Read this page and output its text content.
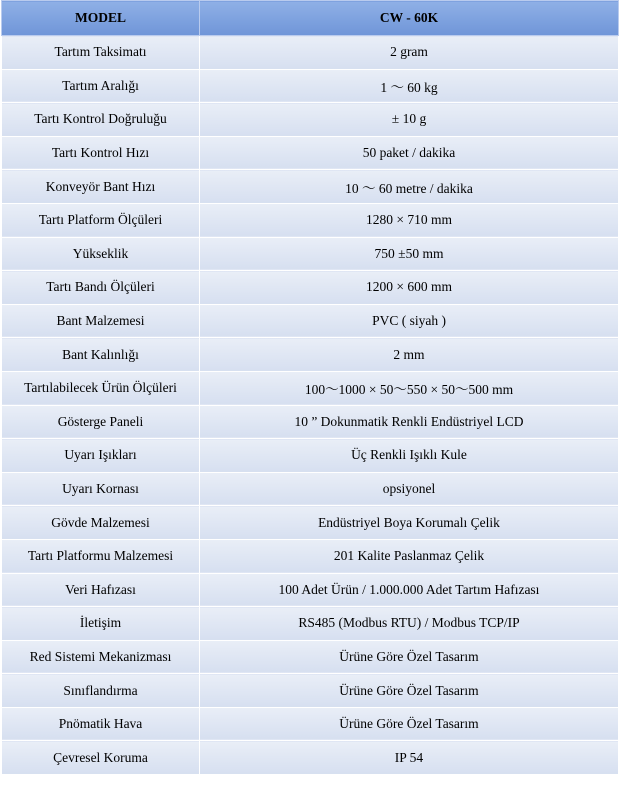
MODEL	CW - 60K
Tartım Taksimatı	2 gram
Tartım Aralığı	1 ～ 60 kg
Tartı Kontrol Doğruluğu	± 10 g
Tartı Kontrol Hızı	50 paket / dakika
Konveyör Bant Hızı	10 ～ 60 metre / dakika
Tartı Platform Ölçüleri	1280 × 710 mm
Yükseklik	750 ±50 mm
Tartı Bandı Ölçüleri	1200 × 600 mm
Bant Malzemesi	PVC ( siyah )
Bant Kalınlığı	2 mm
Tartılabilecek Ürün Ölçüleri	100～1000 × 50～550 × 50～500 mm
Gösterge Paneli	10 ” Dokunmatik Renkli Endüstriyel LCD
Uyarı Işıkları	Üç Renkli Işıklı Kule
Uyarı Kornası	opsiyonel
Gövde Malzemesi	Endüstriyel Boya Korumalı Çelik
Tartı Platformu Malzemesi	201 Kalite Paslanmaz Çelik
Veri Hafızası	100 Adet Ürün / 1.000.000 Adet Tartım Hafızası
İletişim	RS485 (Modbus RTU) / Modbus TCP/IP
Red Sistemi Mekanizması	Ürüne Göre Özel Tasarım
Sınıflandırma	Ürüne Göre Özel Tasarım
Pnömatik Hava	Ürüne Göre Özel Tasarım
Çevresel Koruma	IP 54
